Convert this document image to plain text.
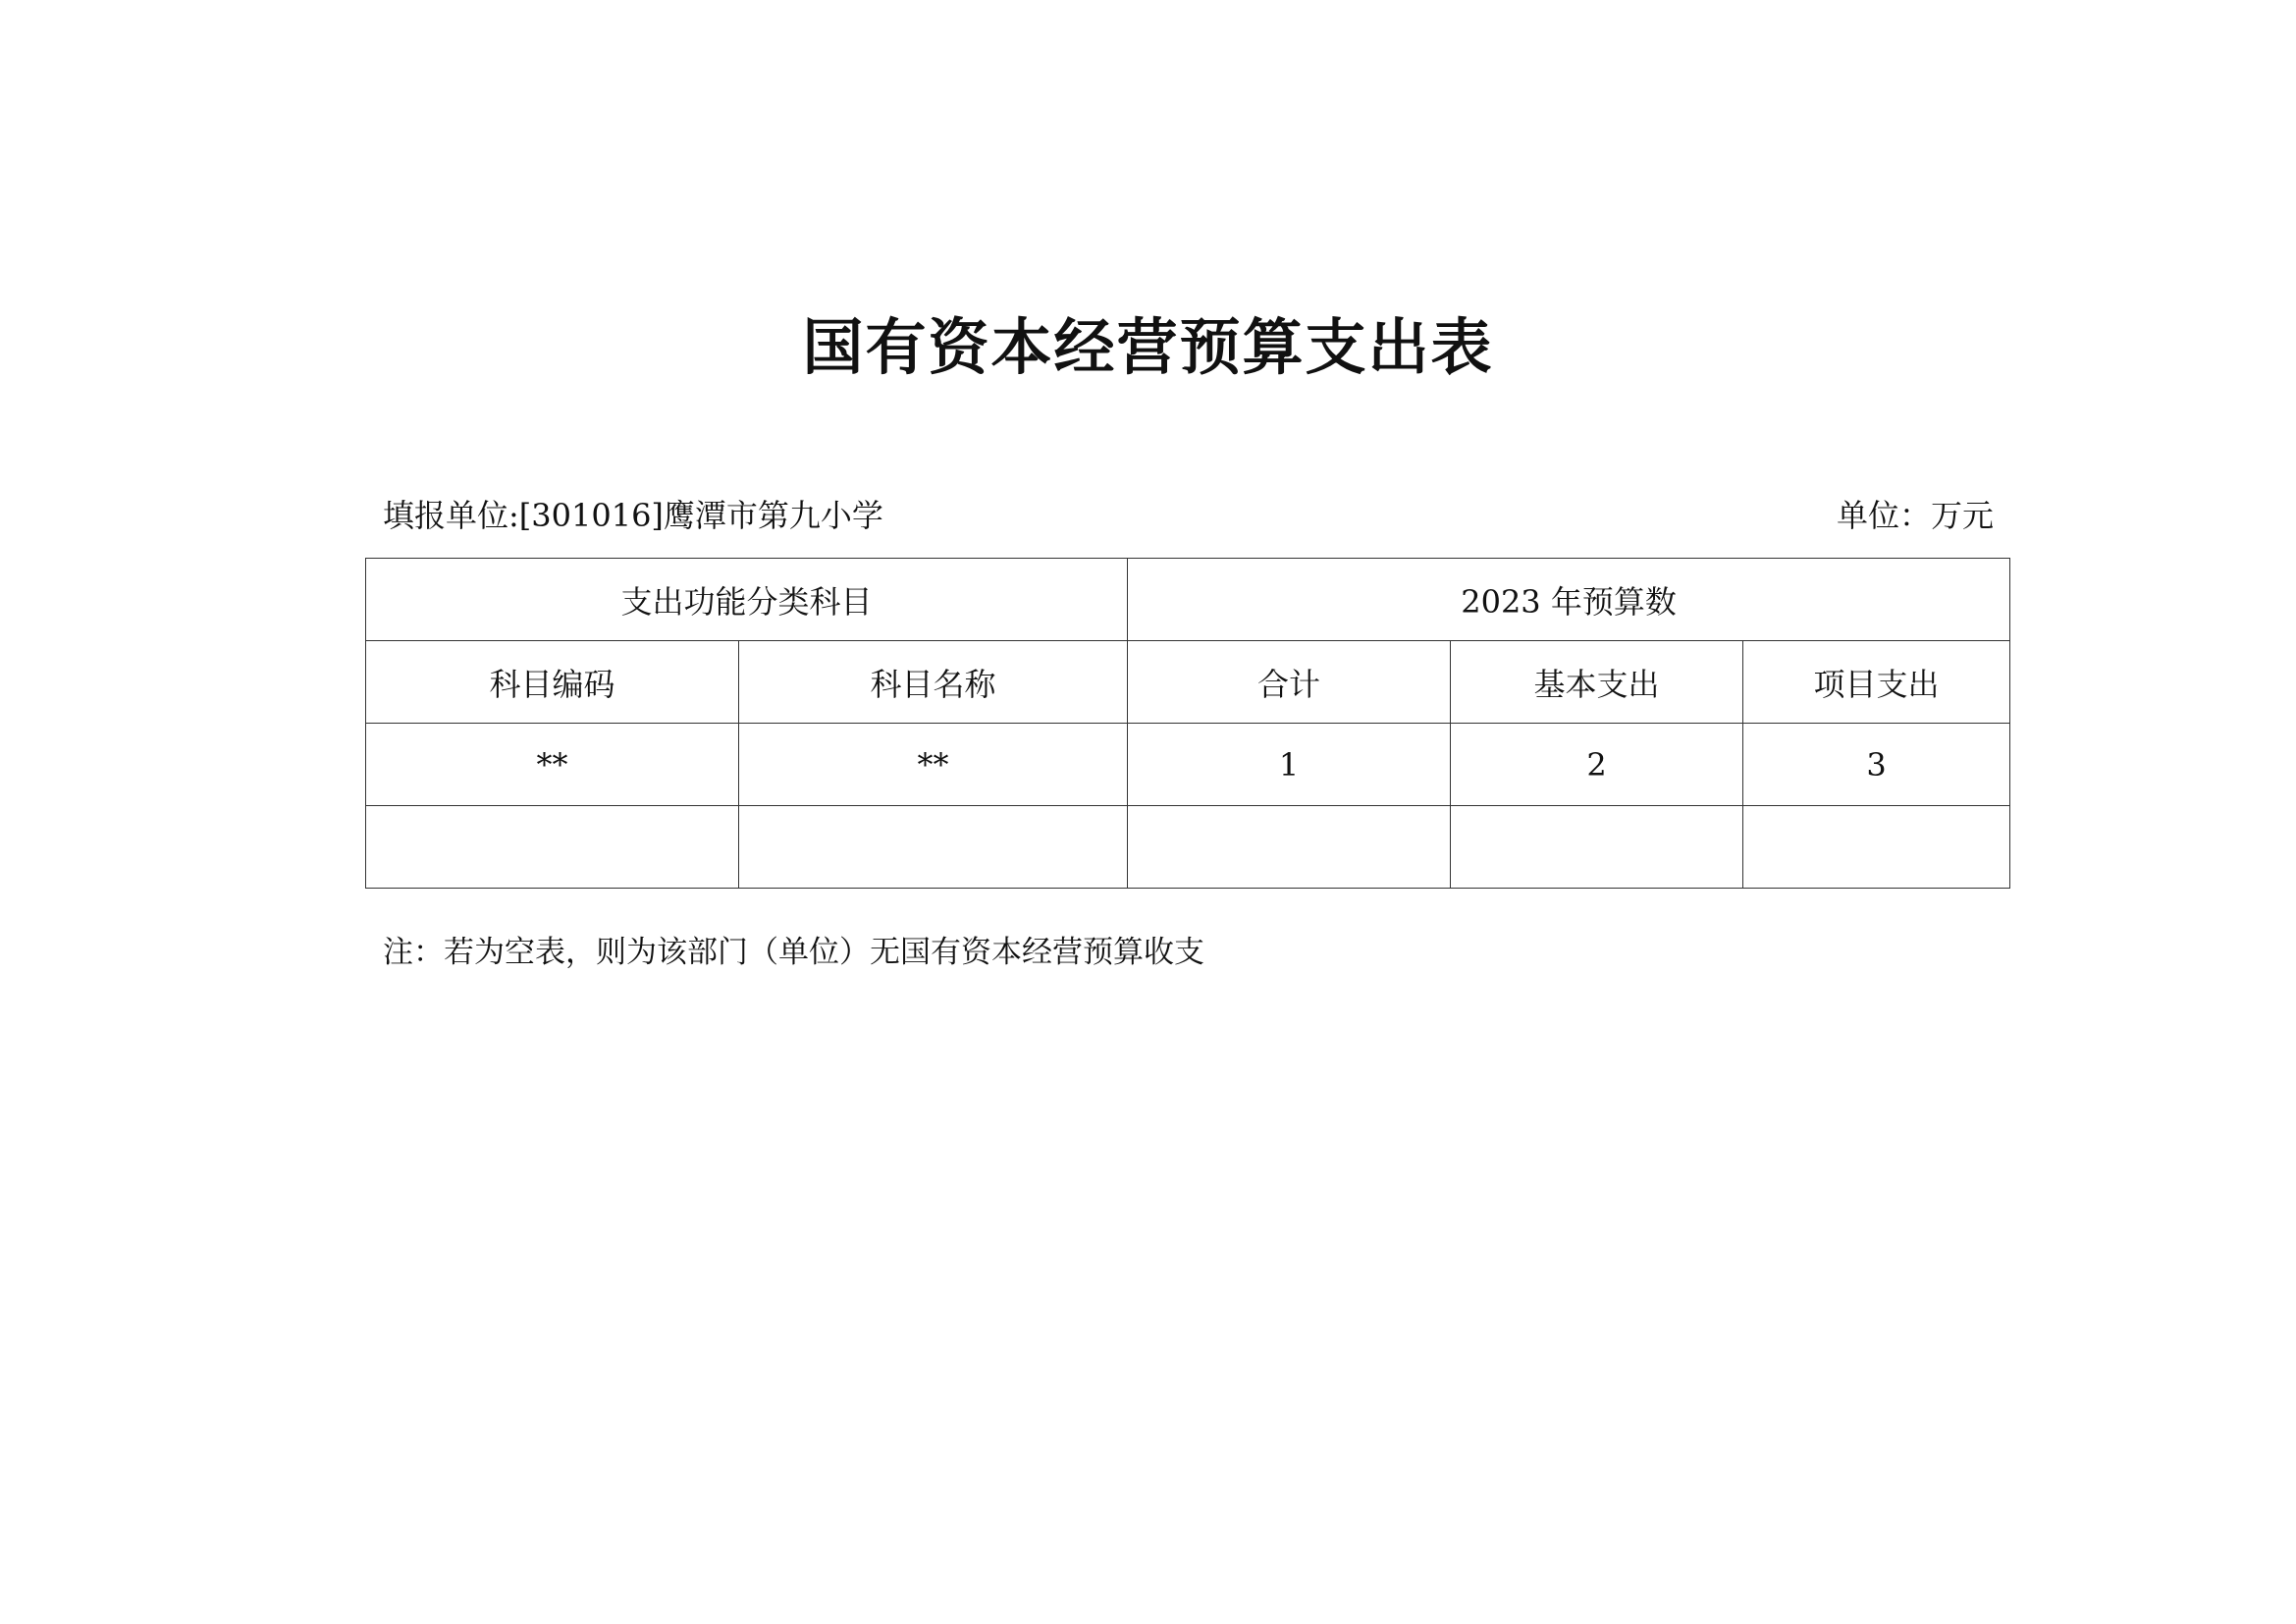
国有资本经营预算支出表
填报单位:[301016]鹰潭市第九小学	单位：万元
支出功能分类科目		2023 年预算数		
科目编码	科目名称	合计	基本支出	项目支出
**	**	1	2	3

注：若为空表，则为该部门（单位）无国有资本经营预算收支
